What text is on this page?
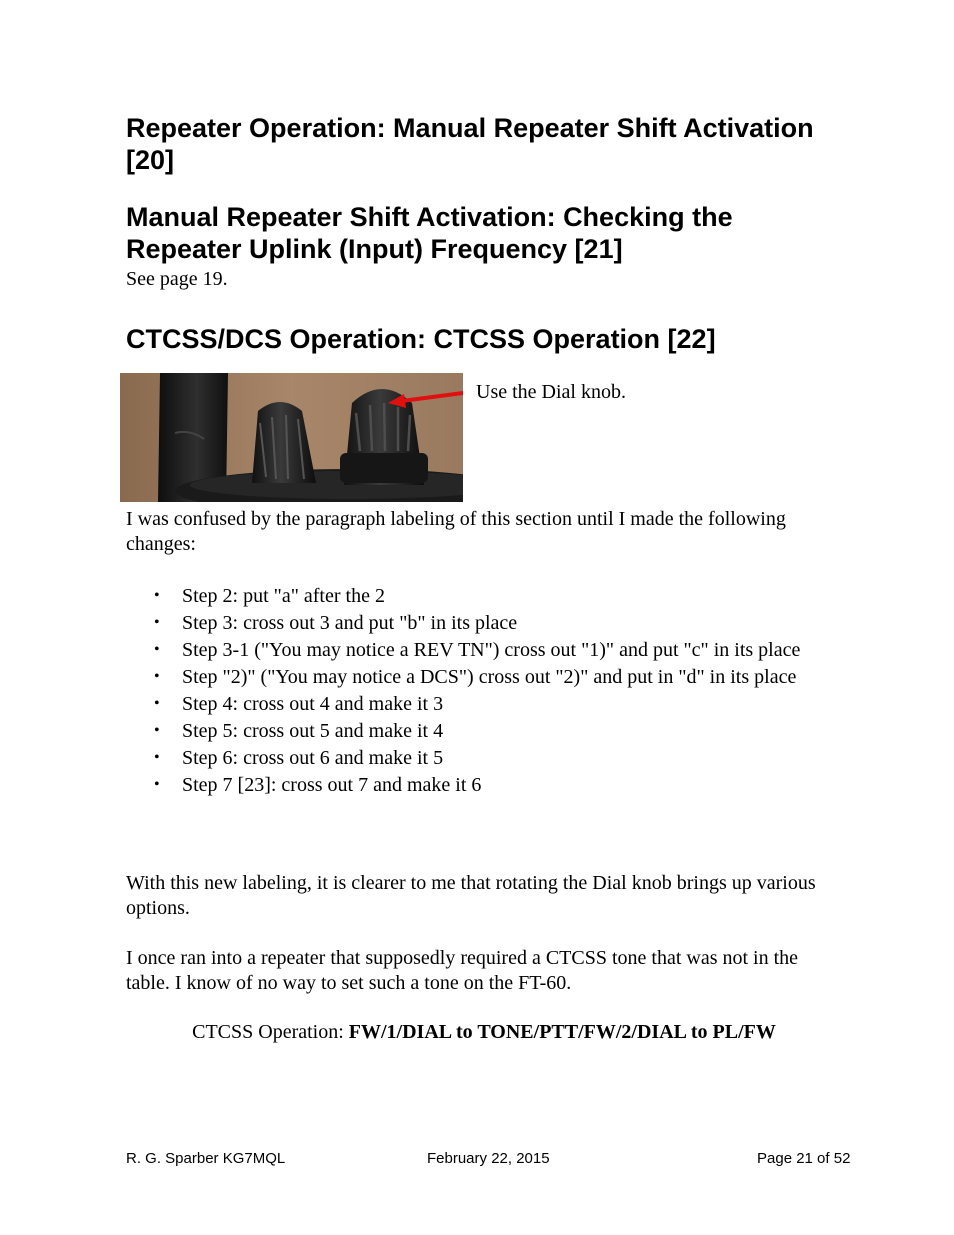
Repeater Operation: Manual Repeater Shift Activation [20]
Manual Repeater Shift Activation: Checking the Repeater Uplink (Input) Frequency [21]

See page 19.

CTCSS/DCS Operation: CTCSS Operation [22]
Use the Dial knob.

I was confused by the paragraph labeling of this section until I made the following changes:

• Step 2: put "a" after the 2
• Step 3: cross out 3 and put "b" in its place
• Step 3-1 ("You may notice a REV TN") cross out "1)" and put "c" in its place
• Step "2)" ("You may notice a DCS") cross out "2)" and put in "d" in its place
• Step 4: cross out 4 and make it 3
• Step 5: cross out 5 and make it 4
• Step 6: cross out 6 and make it 5
• Step 7 [23]: cross out 7 and make it 6

With this new labeling, it is clearer to me that rotating the Dial knob brings up various options.

I once ran into a repeater that supposedly required a CTCSS tone that was not in the table. I know of no way to set such a tone on the FT-60.

CTCSS Operation: FW/1/DIAL to TONE/PTT/FW/2/DIAL to PL/FW
R. G. Sparber KG7MQL	February 22, 2015	Page 21 of 52
